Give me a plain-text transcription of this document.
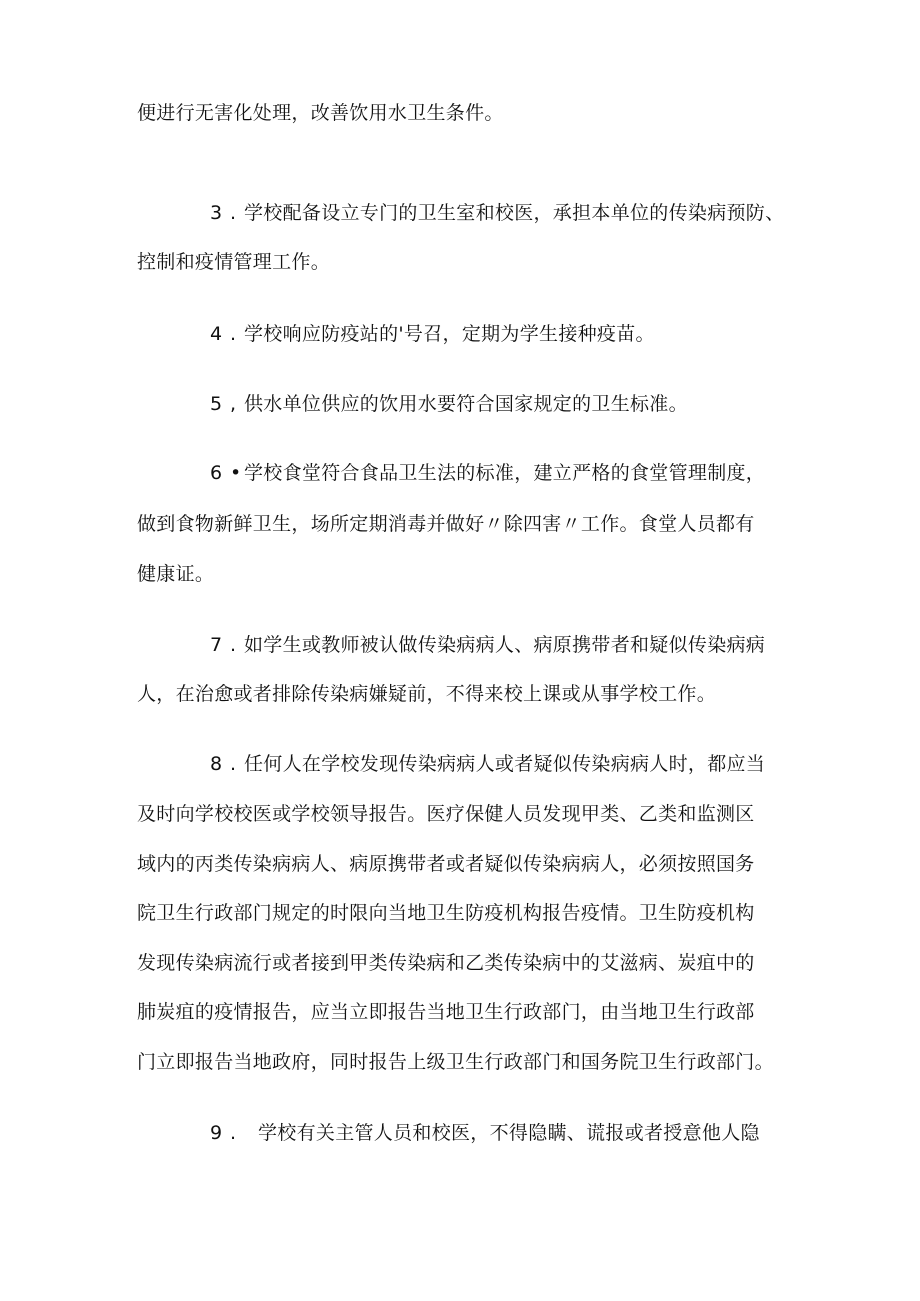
便进行无害化处理，改善饮用水卫生条件。
3 . 学校配备设立专门的卫生室和校医，承担本单位的传染病预防、
控制和疫情管理工作。
4 . 学校响应防疫站的'号召，定期为学生接种疫苗。
5 , 供水单位供应的饮用水要符合国家规定的卫生标准。
6 • 学校食堂符合食品卫生法的标准，建立严格的食堂管理制度，
做到食物新鲜卫生，场所定期消毒并做好〃除四害〃工作。食堂人员都有
健康证。
7 . 如学生或教师被认做传染病病人、病原携带者和疑似传染病病
人，在治愈或者排除传染病嫌疑前，不得来校上课或从事学校工作。
8 . 任何人在学校发现传染病病人或者疑似传染病病人时，都应当
及时向学校校医或学校领导报告。医疗保健人员发现甲类、乙类和监测区
域内的丙类传染病病人、病原携带者或者疑似传染病病人，必须按照国务
院卫生行政部门规定的时限向当地卫生防疫机构报告疫情。卫生防疫机构
发现传染病流行或者接到甲类传染病和乙类传染病中的艾滋病、炭疽中的
肺炭疽的疫情报告，应当立即报告当地卫生行政部门，由当地卫生行政部
门立即报告当地政府，同时报告上级卫生行政部门和国务院卫生行政部门。
9 . 学校有关主管人员和校医，不得隐瞒、谎报或者授意他人隐
